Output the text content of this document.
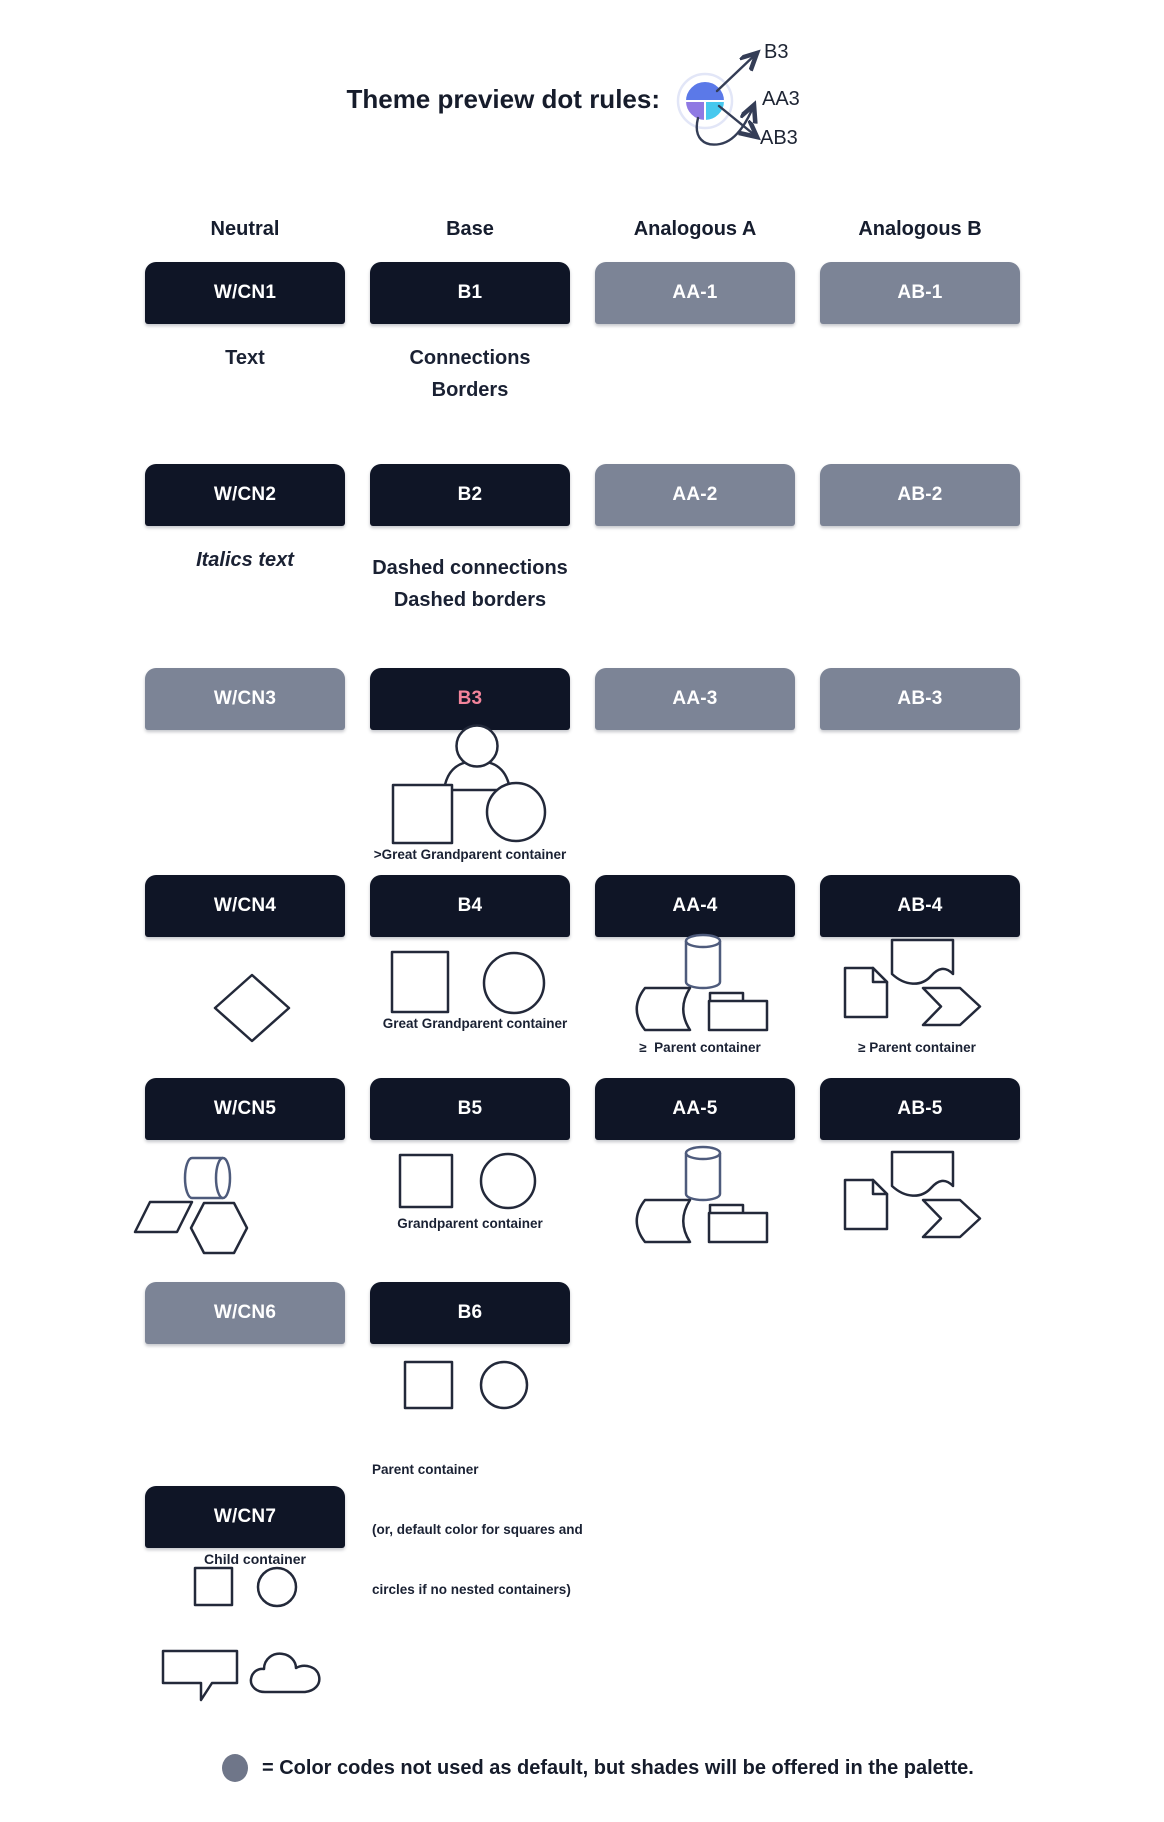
Theme preview dot rules:
B3
AA3
AB3
Neutral	Base	Analogous A	Analogous B
W/CN1	B1	AA-1	AB-1
Text	Connections
Borders
W/CN2	B2	AA-2	AB-2
Italics text	Dashed connections
Dashed borders
W/CN3	B3	AA-3	AB-3
>Great Grandparent container
W/CN4	B4	AA-4	AB-4
Great Grandparent container
≥  Parent container	≥ Parent container
W/CN5	B5	AA-5	AB-5
Grandparent container
W/CN6	B6

Parent container

(or, default color for squares and

circles if no nested containers)

W/CN7
Child container
= Color codes not used as default, but shades will be offered in the palette.
